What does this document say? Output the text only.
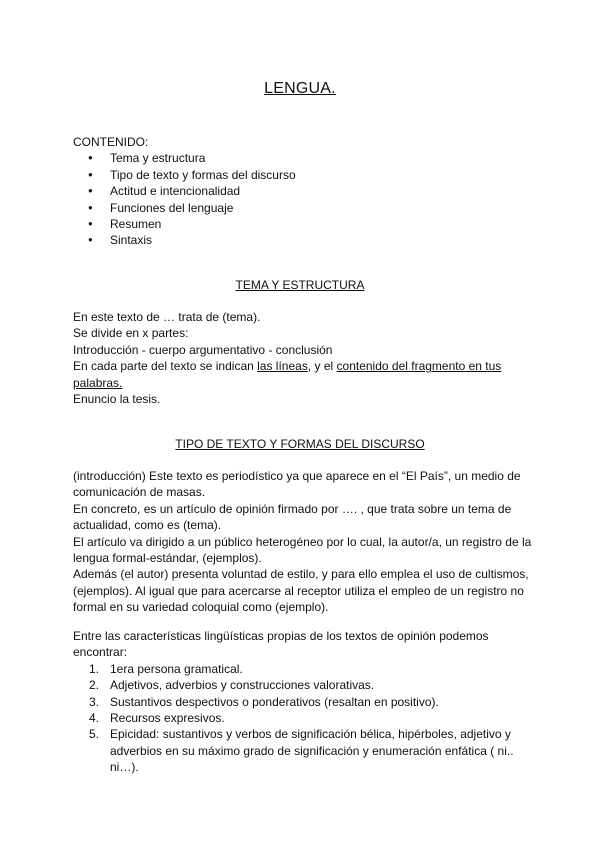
LENGUA.

CONTENIDO:

● Tema y estructura
● Tipo de texto y formas del discurso
● Actitud e intencionalidad
● Funciones del lenguaje
● Resumen
● Sintaxis
TEMA Y ESTRUCTURA

En este texto de … trata de (tema).

Se divide en x partes:

Introducción - cuerpo argumentativo - conclusión

En cada parte del texto se indican las líneas, y el contenido del fragmento en tus palabras.

Enuncio la tesis.

TIPO DE TEXTO Y FORMAS DEL DISCURSO

(introducción) Este texto es periodístico ya que aparece en el “El País”, un medio de comunicación de masas.

En concreto, es un artículo de opinión firmado por …. , que trata sobre un tema de actualidad, como es (tema).

El artículo va dirigido a un público heterogéneo por lo cual, la autor/a, un registro de la lengua formal-estándar, (ejemplos).

Además (el autor) presenta voluntad de estilo, y para ello emplea el uso de cultismos, (ejemplos). Al igual que para acercarse al receptor utiliza el empleo de un registro no formal en su variedad coloquial como (ejemplo).

Entre las características lingüísticas propias de los textos de opinión podemos encontrar:

1. 1era persona gramatical.
2. Adjetivos, adverbios y construcciones valorativas.
3. Sustantivos despectivos o ponderativos (resaltan en positivo).
4. Recursos expresivos.
5. Epicidad: sustantivos y verbos de significación bélica, hipérboles, adjetivo y adverbios en su máximo grado de significación y enumeración enfática ( ni.. ni…).
